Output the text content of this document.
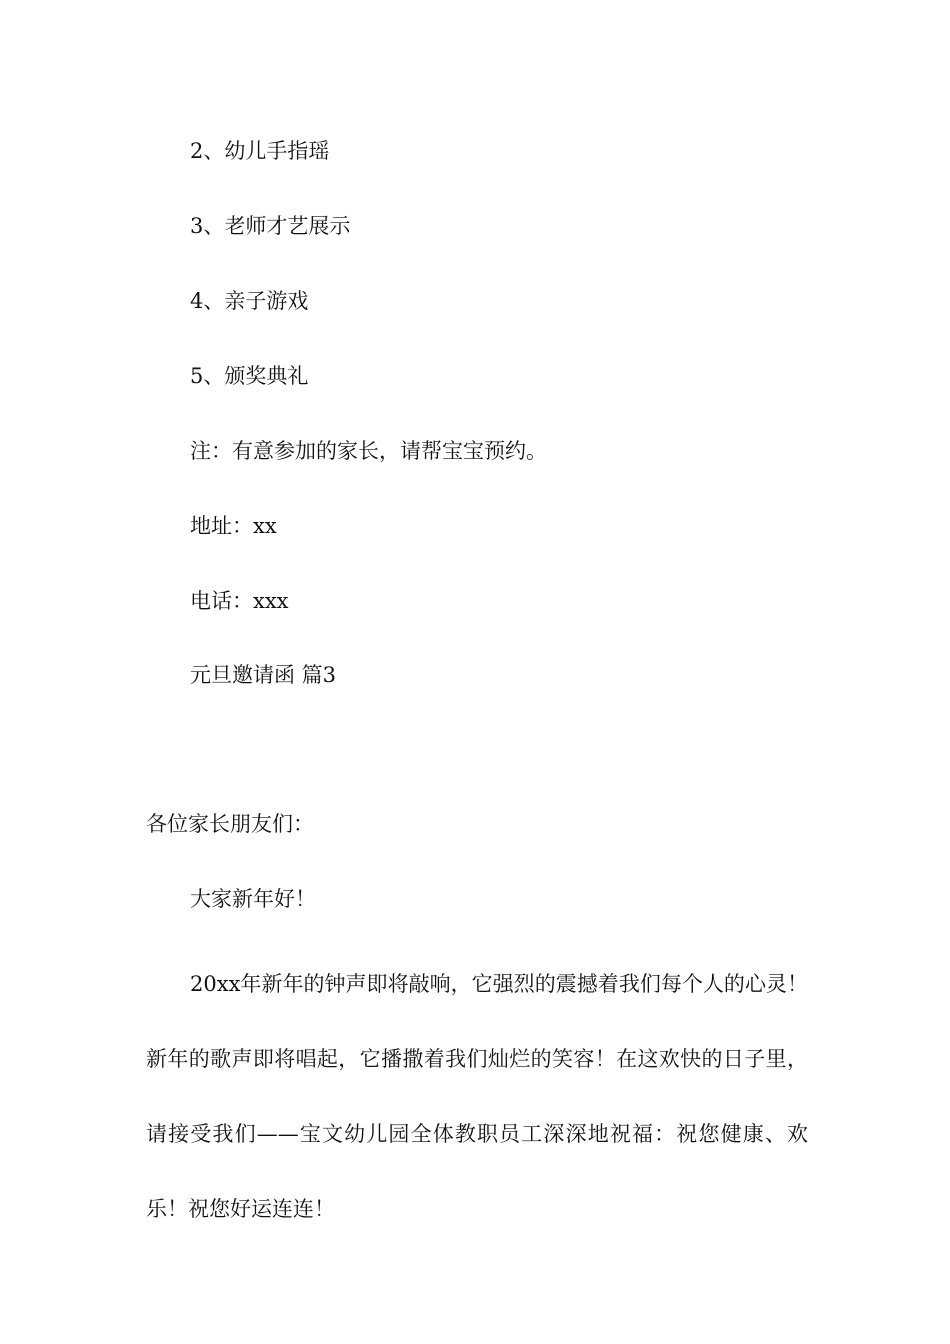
2、幼儿手指瑶

3、老师才艺展示

4、亲子游戏

5、颁奖典礼

注：有意参加的家长，请帮宝宝预约。

地址：xx

电话：xxx

元旦邀请函 篇3

各位家长朋友们：

大家新年好！

20xx年新年的钟声即将敲响，它强烈的震撼着我们每个人的心灵！新年的歌声即将唱起，它播撒着我们灿烂的笑容！在这欢快的日子里，请接受我们——宝文幼儿园全体教职员工深深地祝福：祝您健康、欢乐！祝您好运连连！
